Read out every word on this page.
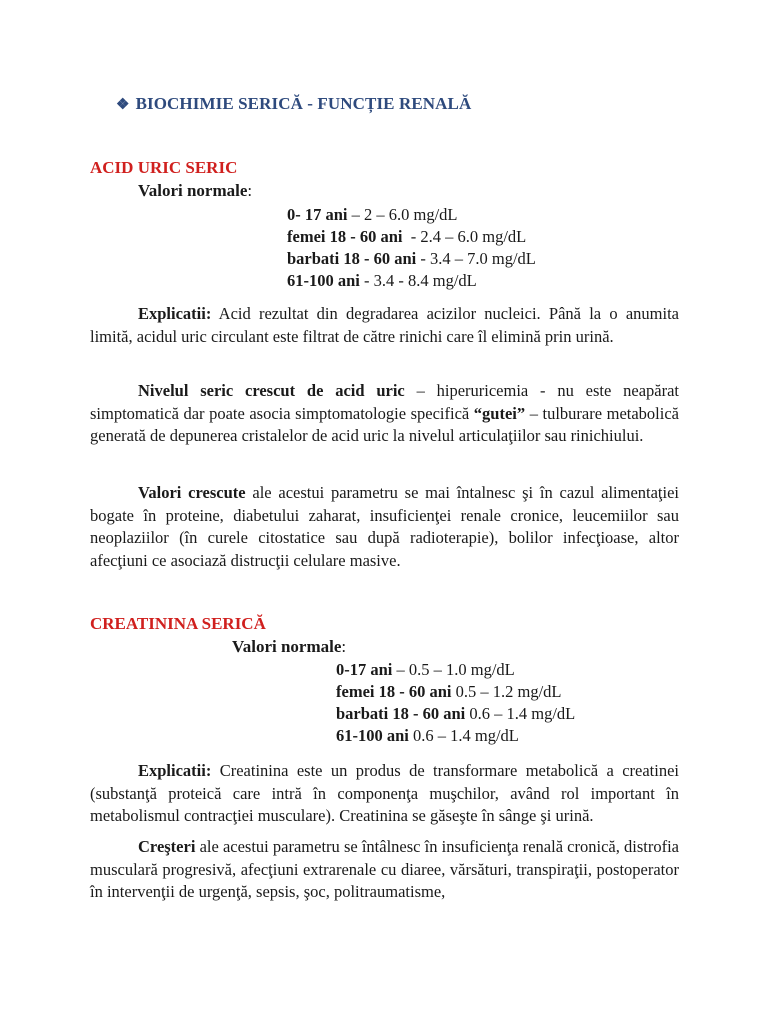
❖ BIOCHIMIE SERICĂ - FUNCȚIE RENALĂ
ACID URIC SERIC
Valori normale:
0- 17 ani – 2 – 6.0 mg/dL
femei 18 - 60 ani  - 2.4 – 6.0 mg/dL
barbati 18 - 60 ani - 3.4 – 7.0 mg/dL
61-100 ani - 3.4 - 8.4 mg/dL
Explicatii: Acid rezultat din degradarea acizilor nucleici. Până la o anumita limită, acidul uric circulant este filtrat de către rinichi care îl elimină prin urină.
Nivelul seric crescut de acid uric – hiperuricemia - nu este neapărat simptomatică dar poate asocia simptomatologie specifică “gutei” – tulburare metabolică generată de depunerea cristalelor de acid uric la nivelul articulaţiilor sau rinichiului.
Valori crescute ale acestui parametru se mai întalnesc şi în cazul alimentaţiei bogate în proteine, diabetului zaharat, insuficienţei renale cronice, leucemiilor sau neoplaziilor (în curele citostatice sau după radioterapie), bolilor infecţioase, altor afecţiuni ce asociază distrucţii celulare masive.
CREATININA SERICĂ
Valori normale:
0-17 ani – 0.5 – 1.0 mg/dL
femei 18 - 60 ani 0.5 – 1.2 mg/dL
barbati 18 - 60 ani 0.6 – 1.4 mg/dL
61-100 ani 0.6 – 1.4 mg/dL
Explicatii: Creatinina este un produs de transformare metabolică a creatinei (substanţă proteică care intră în componenţa muşchilor, având rol important în metabolismul contracţiei musculare). Creatinina se găseşte în sânge şi urină.
Creşteri ale acestui parametru se întâlnesc în insuficienţa renală cronică, distrofia musculară progresivă, afecţiuni extrarenale cu diaree, vărsături, transpiraţii, postoperator în intervenţii de urgenţă, sepsis, şoc, politraumatisme,
